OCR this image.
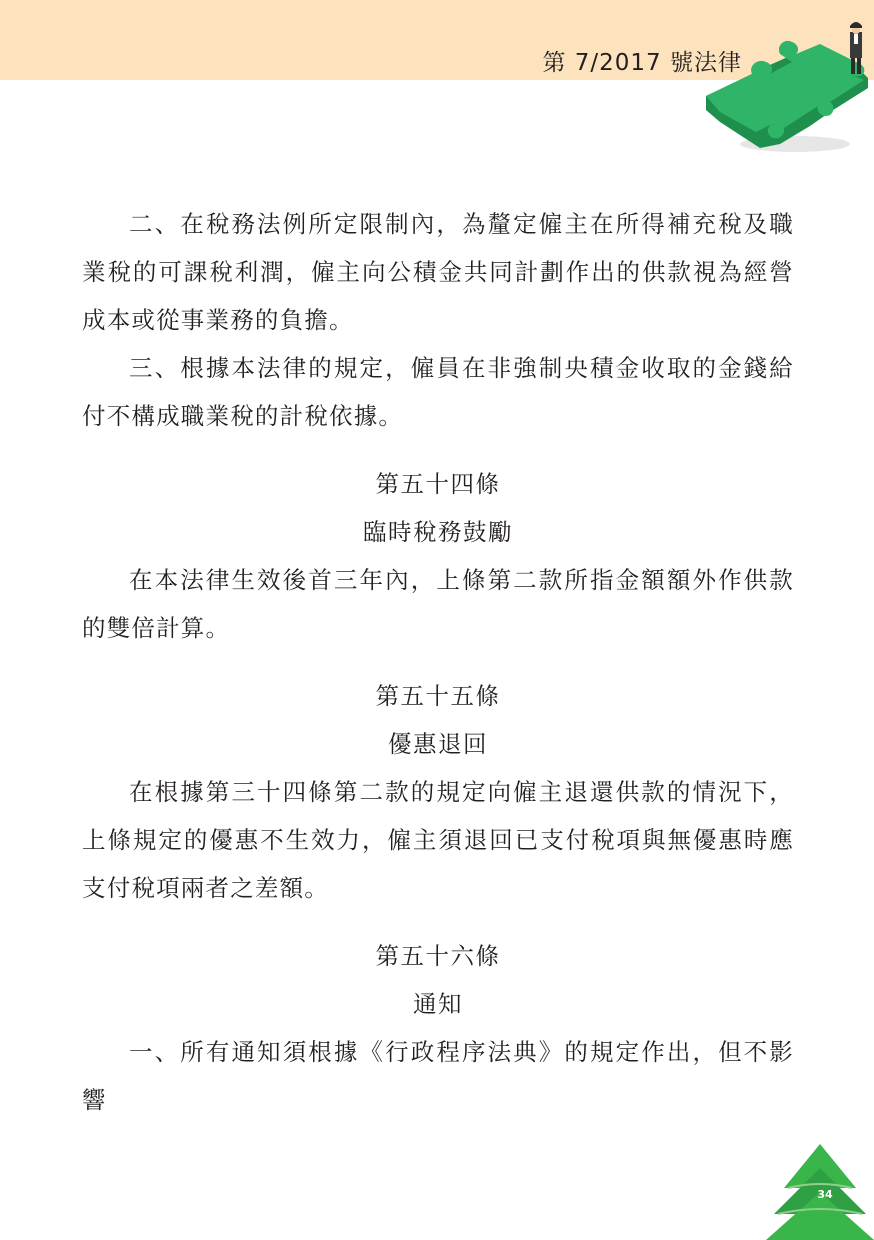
第 7/2017 號法律

二、在稅務法例所定限制內，為釐定僱主在所得補充稅及職業稅的可課稅利潤，僱主向公積金共同計劃作出的供款視為經營成本或從事業務的負擔。

三、根據本法律的規定，僱員在非強制央積金收取的金錢給付不構成職業稅的計稅依據。

第五十四條

臨時稅務鼓勵

在本法律生效後首三年內，上條第二款所指金額額外作供款的雙倍計算。

第五十五條

優惠退回

在根據第三十四條第二款的規定向僱主退還供款的情況下，上條規定的優惠不生效力，僱主須退回已支付稅項與無優惠時應支付稅項兩者之差額。

第五十六條

通知

一、所有通知須根據《行政程序法典》的規定作出，但不影響

34
